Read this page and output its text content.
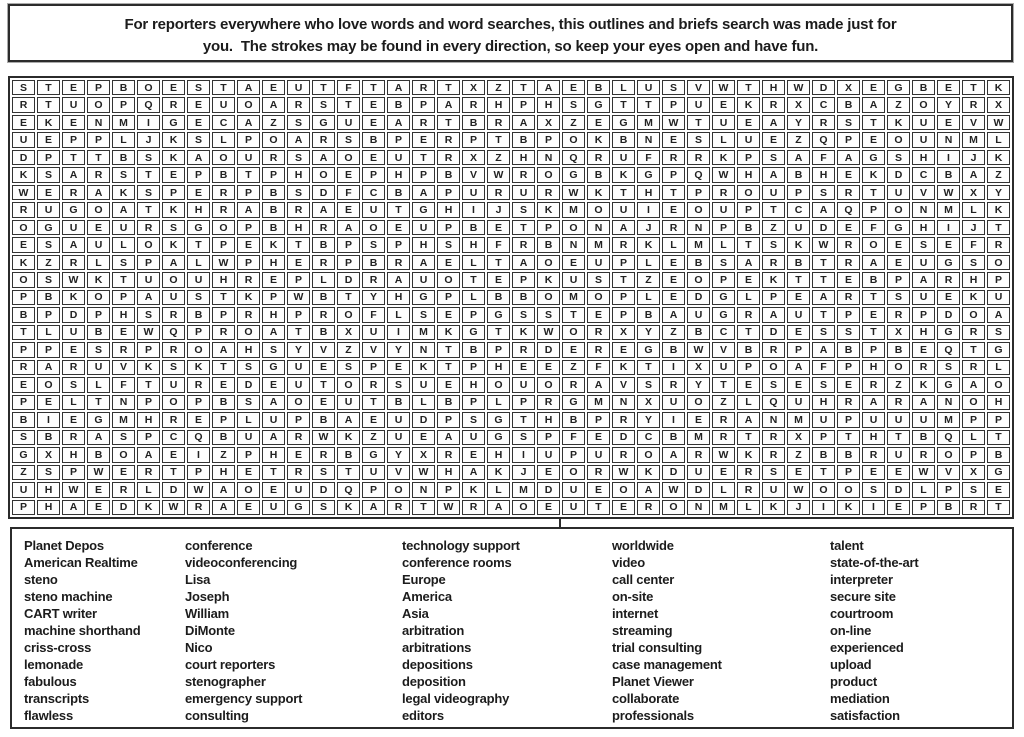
For reporters everywhere who love words and word searches, this outlines and briefs search was made just for
you.  The strokes may be found in every direction, so keep your eyes open and have fun.
S	T	E	P	B	O	E	S	T	A	E	U	T	F	T	A	R	T	X	Z	T	A	E	B	L	U	S	V	W	T	H	W	D	X	E	G	B	E	T	K
R	T	U	O	P	Q	R	E	U	O	A	R	S	T	E	B	P	A	R	H	P	H	S	G	T	T	P	U	E	K	R	X	C	B	A	Z	O	Y	R	X
E	K	E	N	M	I	G	E	C	A	Z	S	G	U	E	A	R	T	B	R	A	X	Z	E	G	M	W	T	U	E	A	Y	R	S	T	K	U	E	V	W
U	E	P	P	L	J	K	S	L	P	O	A	R	S	B	P	E	R	P	T	B	P	O	K	B	N	E	S	L	U	E	Z	Q	P	E	O	U	N	M	L
D	P	T	T	B	S	K	A	O	U	R	S	A	O	E	U	T	R	X	Z	H	N	Q	R	U	F	R	R	K	P	S	A	F	A	G	S	H	I	J	K
K	S	A	R	S	T	E	P	B	T	P	H	O	E	P	H	P	B	V	W	R	O	G	B	K	G	P	Q	W	H	A	B	H	E	K	D	C	B	A	Z
W	E	R	A	K	S	P	E	R	P	B	S	D	F	C	B	A	P	U	R	U	R	W	K	T	H	T	P	R	O	U	P	S	R	T	U	V	W	X	Y
R	U	G	O	A	T	K	H	R	A	B	R	A	E	U	T	G	H	I	J	S	K	M	O	U	I	E	O	U	P	T	C	A	Q	P	O	N	M	L	K
O	G	U	E	U	R	S	G	O	P	B	H	R	A	O	E	U	P	B	E	T	P	O	N	A	J	R	N	P	B	Z	U	D	E	F	G	H	I	J	T
E	S	A	U	L	O	K	T	P	E	K	T	B	P	S	P	H	S	H	F	R	B	N	M	R	K	L	M	L	T	S	K	W	R	O	E	S	E	F	R
K	Z	R	L	S	P	A	L	W	P	H	E	R	P	B	R	A	E	L	T	A	O	E	U	P	L	E	B	S	A	R	B	T	R	A	E	U	G	S	O
O	S	W	K	T	U	O	U	H	R	E	P	L	D	R	A	U	O	T	E	P	K	U	S	T	Z	E	O	P	E	K	T	T	E	B	P	A	R	H	P
P	B	K	O	P	A	U	S	T	K	P	W	B	T	Y	H	G	P	L	B	B	O	M	O	P	L	E	D	G	L	P	E	A	R	T	S	U	E	K	U
B	P	D	P	H	S	R	B	P	R	H	P	R	O	F	L	S	E	P	G	S	S	T	E	P	B	A	U	G	R	A	U	T	P	E	R	P	D	O	A
T	L	U	B	E	W	Q	P	R	O	A	T	B	X	U	I	M	K	G	T	K	W	O	R	X	Y	Z	B	C	T	D	E	S	S	T	X	H	G	R	S
P	P	E	S	R	P	R	O	A	H	S	Y	V	Z	V	Y	N	T	B	P	R	D	E	R	E	G	B	W	V	B	R	P	A	B	P	B	E	Q	T	G
R	A	R	U	V	K	S	K	T	S	G	U	E	S	P	E	K	T	P	H	E	E	Z	F	K	T	I	X	U	P	O	A	F	P	H	O	R	S	R	L
E	O	S	L	F	T	U	R	E	D	E	U	T	O	R	S	U	E	H	O	U	O	R	A	V	S	R	Y	T	E	S	E	S	E	R	Z	K	G	A	O
P	E	L	T	N	P	O	P	B	S	A	O	E	U	T	B	L	B	P	L	P	R	G	M	N	X	U	O	Z	L	Q	U	H	R	A	R	A	N	O	H
B	I	E	G	M	H	R	E	P	L	U	P	B	A	E	U	D	P	S	G	T	H	B	P	R	Y	I	E	R	A	N	M	U	P	U	U	U	M	P	P
S	B	R	A	S	P	C	Q	B	U	A	R	W	K	Z	U	E	A	U	G	S	P	F	E	D	C	B	M	R	T	R	X	P	T	H	T	B	Q	L	T
G	X	H	B	O	A	E	I	Z	P	H	E	R	B	G	Y	X	R	E	H	I	U	P	U	R	O	A	R	W	K	R	Z	B	B	R	U	R	O	P	B
Z	S	P	W	E	R	T	P	H	E	T	R	S	T	U	V	W	H	A	K	J	E	O	R	W	K	D	U	E	R	S	E	T	P	E	E	W	V	X	G
U	H	W	E	R	L	D	W	A	O	E	U	D	Q	P	O	N	P	K	L	M	D	U	E	O	A	W	D	L	R	U	W	O	O	S	D	L	P	S	E
P	H	A	E	D	K	W	R	A	E	U	G	S	K	A	R	T	W	R	A	O	E	U	T	E	R	O	N	M	L	K	J	I	K	I	E	P	B	R	T
Planet Depos
American Realtime
steno
steno machine
CART writer
machine shorthand
criss-cross
lemonade
fabulous
transcripts
flawless
conference
videoconferencing
Lisa
Joseph
William
DiMonte
Nico
court reporters
stenographer
emergency support
consulting
technology support
conference rooms
Europe
America
Asia
arbitration
arbitrations
depositions
deposition
legal videography
editors
worldwide
video
call center
on-site
internet
streaming
trial consulting
case management
Planet Viewer
collaborate
professionals
talent
state-of-the-art
interpreter
secure site
courtroom
on-line
experienced
upload
product
mediation
satisfaction
